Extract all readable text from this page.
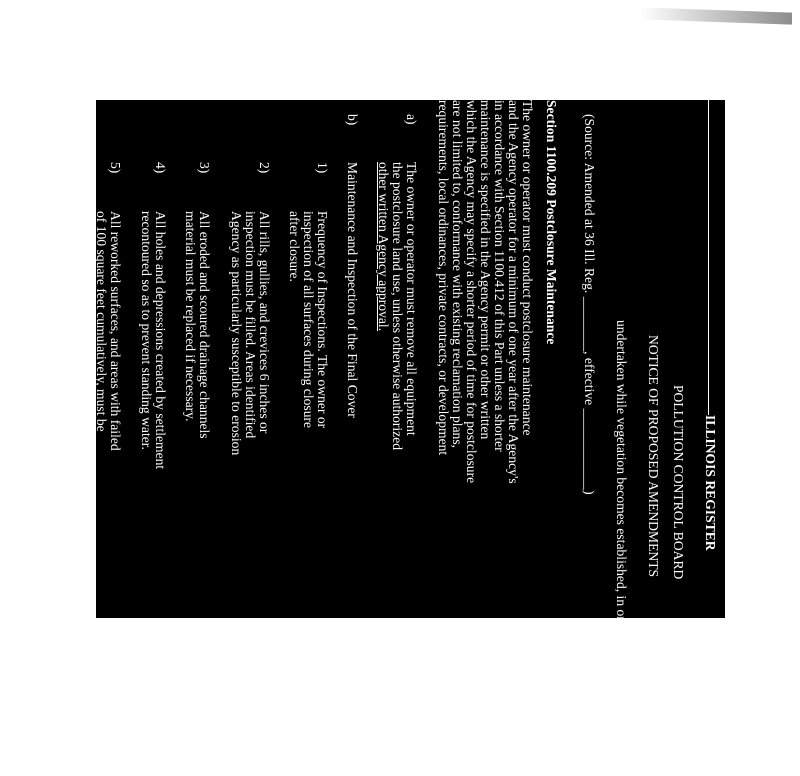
ILLINOIS REGISTER
POLLUTION CONTROL BOARD
NOTICE OF PROPOSED AMENDMENTS
undertaken while vegetation becomes established, in order to demonstrate the effect
(Source: Amended at 36 Ill. Reg. ________, effective ____________)
Section 1100.209 Postclosure Maintenance
The owner or operator must conduct postclosure maintenance
and the Agency operator for a minimum of one year after the Agency's
in accordance with Section 1100.412 of this Part unless a shorter
maintenance is specified in the Agency permit or other written
which the Agency may specify a shorter period of time for postclosure
are not limited to, conformance with existing reclamation plans,
requirements, local ordinances, private contracts, or development
a)
The owner or operator must remove all equipment
the postclosure land use, unless otherwise authorized
other written Agency approval.
b)
Maintenance and Inspection of the Final Cover
1)
Frequency of Inspections. The owner or
inspection of all surfaces during closure
after closure.
2)
All rills, gullies, and crevices 6 inches or
inspection must be filled. Areas identified
Agency as particularly susceptible to erosion
3)
All eroded and scoured drainage channels
material must be replaced if necessary.
4)
All holes and depressions created by settlement
recontoured so as to prevent standing water.
5)
All reworked surfaces, and areas with failed
of 100 square feet cumulatively, must be
the approved closure plan for the facility.
c)
The Agency must approve postclosure use of the
demonstrates that the disturbance of the final cover
